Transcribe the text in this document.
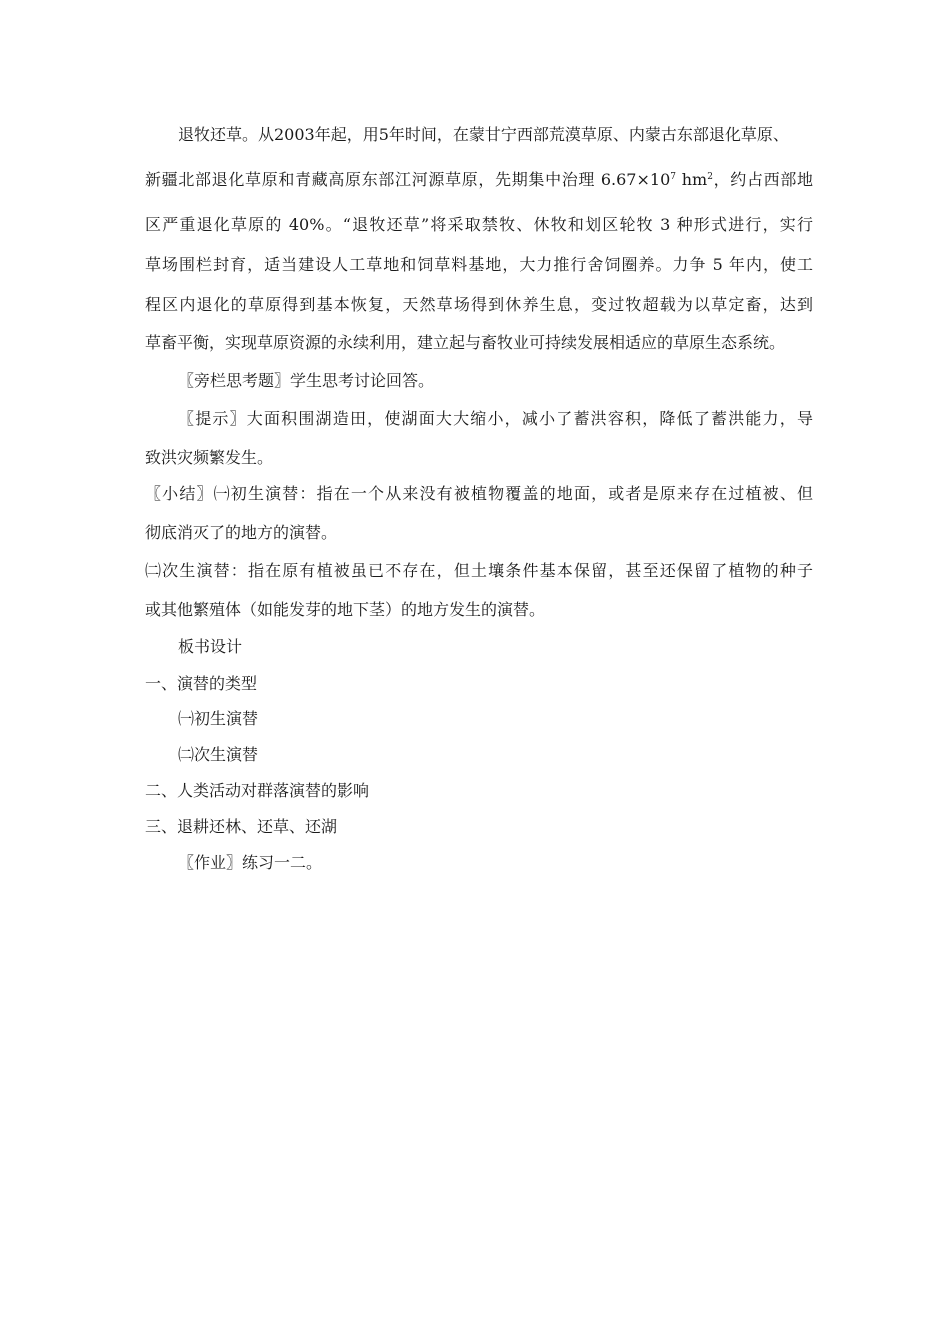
退牧还草。从2003年起，用5年时间，在蒙甘宁西部荒漠草原、内蒙古东部退化草原、
新疆北部退化草原和青藏高原东部江河源草原，先期集中治理 $6.67\times 10^7$ $hm^2$，约占西部地
区严重退化草原的 40%。“退牧还草”将采取禁牧、休牧和划区轮牧 3 种形式进行，实行
草场围栏封育，适当建设人工草地和饲草料基地，大力推行舍饲圈养。力争 5 年内，使工
程区内退化的草原得到基本恢复，天然草场得到休养生息，变过牧超载为以草定畜，达到
草畜平衡，实现草原资源的永续利用，建立起与畜牧业可持续发展相适应的草原生态系统。
〖旁栏思考题〗学生思考讨论回答。
〖提示〗大面积围湖造田，使湖面大大缩小，减小了蓄洪容积，降低了蓄洪能力，导
致洪灾频繁发生。
〖小结〗㈠初生演替：指在一个从来没有被植物覆盖的地面，或者是原来存在过植被、但
彻底消灭了的地方的演替。
㈡次生演替：指在原有植被虽已不存在，但土壤条件基本保留，甚至还保留了植物的种子
或其他繁殖体（如能发芽的地下茎）的地方发生的演替。
板书设计
一、演替的类型
㈠初生演替
㈡次生演替
二、人类活动对群落演替的影响
三、退耕还林、还草、还湖
〖作业〗练习一二。
